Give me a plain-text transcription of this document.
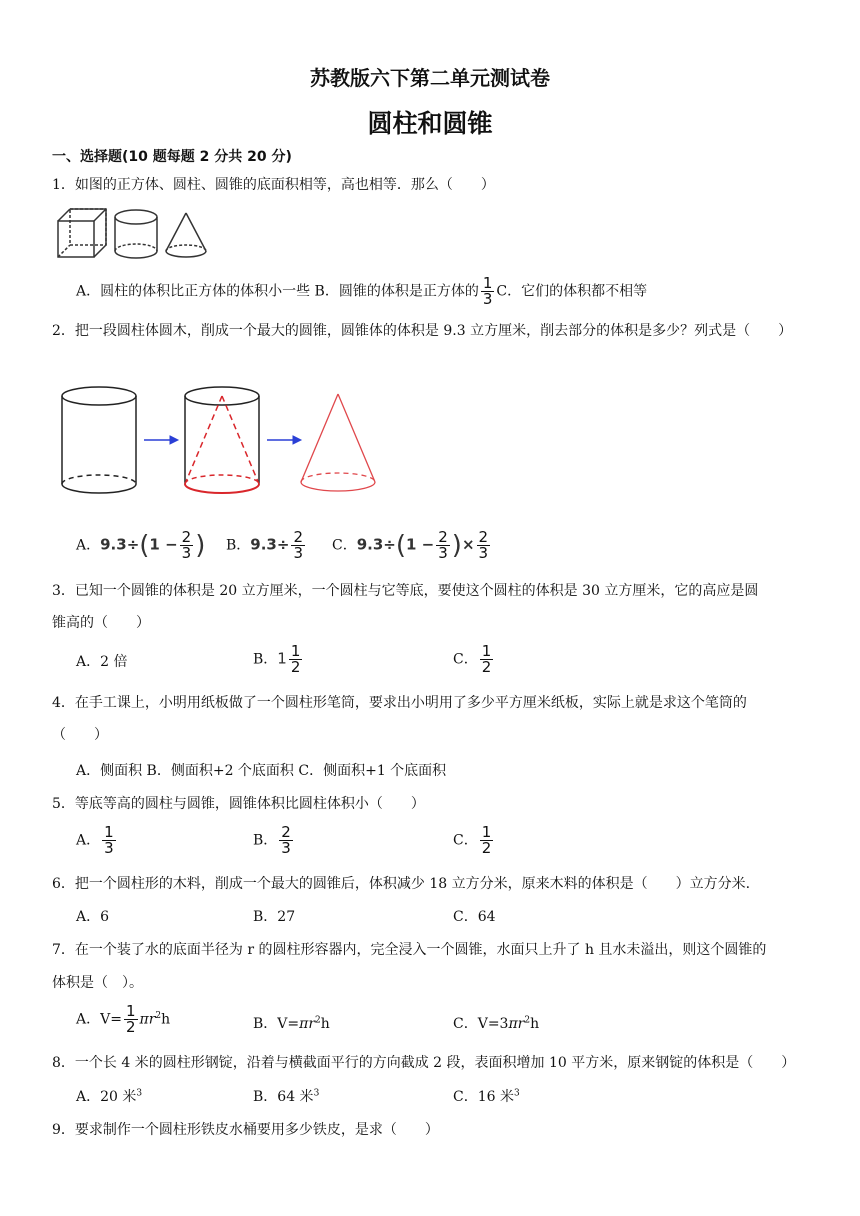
苏教版六下第二单元测试卷
圆柱和圆锥
一、选择题(10 题每题 2 分共 20 分)
1．如图的正方体、圆柱、圆锥的底面积相等，高也相等．那么（　　）
A．圆柱的体积比正方体的体积小一些 B．圆锥的体积是正方体的 $\frac{1}{3}$ C．它们的体积都不相等
2．把一段圆柱体圆木，削成一个最大的圆锥，圆锥体的体积是 9.3 立方厘米，削去部分的体积是多少？列式是（　　）
A．$9.3\div(1 - \frac{2}{3}$ ) B．$9.3\div \frac{2}{3}$ C．$9.3\div(1 - \frac{2}{3}$ )× $\frac{2}{3}$
3．已知一个圆锥的体积是 20 立方厘米，一个圆柱与它等底，要使这个圆柱的体积是 30 立方厘米，它的高应是圆
锥高的（　　）
A．2 倍	B．$1 \frac{1}{2}$	C． $\frac{1}{2}$
4．在手工课上，小明用纸板做了一个圆柱形笔筒，要求出小明用了多少平方厘米纸板，实际上就是求这个笔筒的
（　　）
A．侧面积 B．侧面积+2 个底面积 C．侧面积+1 个底面积
5．等底等高的圆柱与圆锥，圆锥体积比圆柱体积小（　　）
A． $\frac{1}{3}$	B． $\frac{2}{3}$	C． $\frac{1}{2}$
6．把一个圆柱形的木料，削成一个最大的圆锥后，体积减少 18 立方分米，原来木料的体积是（　　）立方分米.
A．6	B．27	C．64
7．在一个装了水的底面半径为 r 的圆柱形容器内，完全浸入一个圆锥，水面只上升了 h 且水未溢出，则这个圆锥的
体积是（　）。
A．$V= \frac{1}{2} \pi r^2h$	B．$V=\pi r^2h$	C．$V=3\pi r^2h$
8．一个长 4 米的圆柱形钢锭，沿着与横截面平行的方向截成 2 段，表面积增加 10 平方米，原来钢锭的体积是（　　）
A．20 米$^3$	B．64 米$^3$	C．16 米$^3$
9．要求制作一个圆柱形铁皮水桶要用多少铁皮，是求（　　）
